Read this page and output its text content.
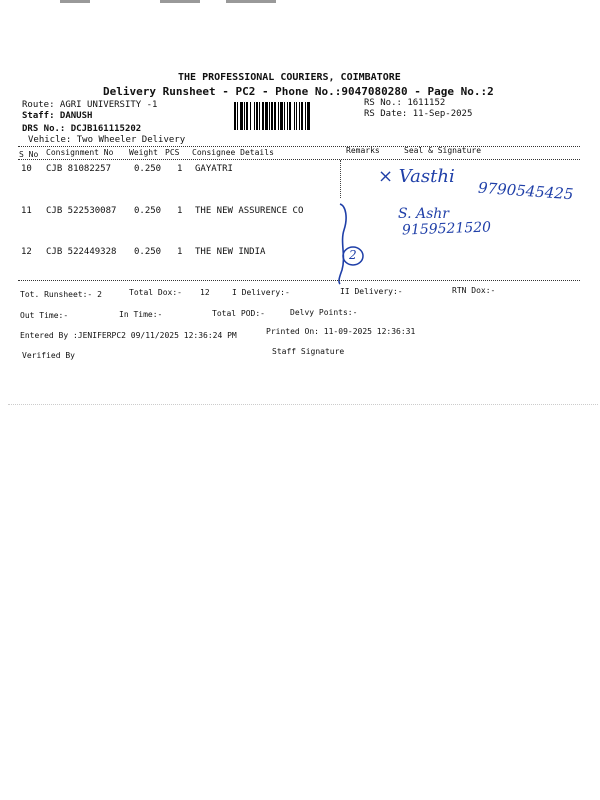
THE PROFESSIONAL COURIERS, COIMBATORE
Delivery Runsheet - PC2 - Phone No.:9047080280 - Page No.:2
Route: AGRI UNIVERSITY -1
Staff: DANUSH
DRS No.: DCJB161115202
Vehicle: Two Wheeler Delivery
RS No.: 1611152
RS Date: 11-Sep-2025
S No Consignment No Weight PCS Consignee Details	Remarks	Seal & Signature
10 CJB 81082257	0.250 1 GAYATRI
11 CJB 522530087 0.250 1 THE NEW ASSURENCE CO
12 CJB 522449328 0.250 1 THE NEW INDIA
× Vasthi
9790545425
S. Ashr
9159521520
2
Tot. Runsheet:- 2	Total Dox:- 12	I Delivery:-	II Delivery:-	RTN Dox:-
Out Time:-	In Time:-	Total POD:-	Delvy Points:-
Entered By :JENIFERPC2 09/11/2025 12:36:24 PM	Printed On: 11-09-2025 12:36:31
Verified By	Staff Signature
